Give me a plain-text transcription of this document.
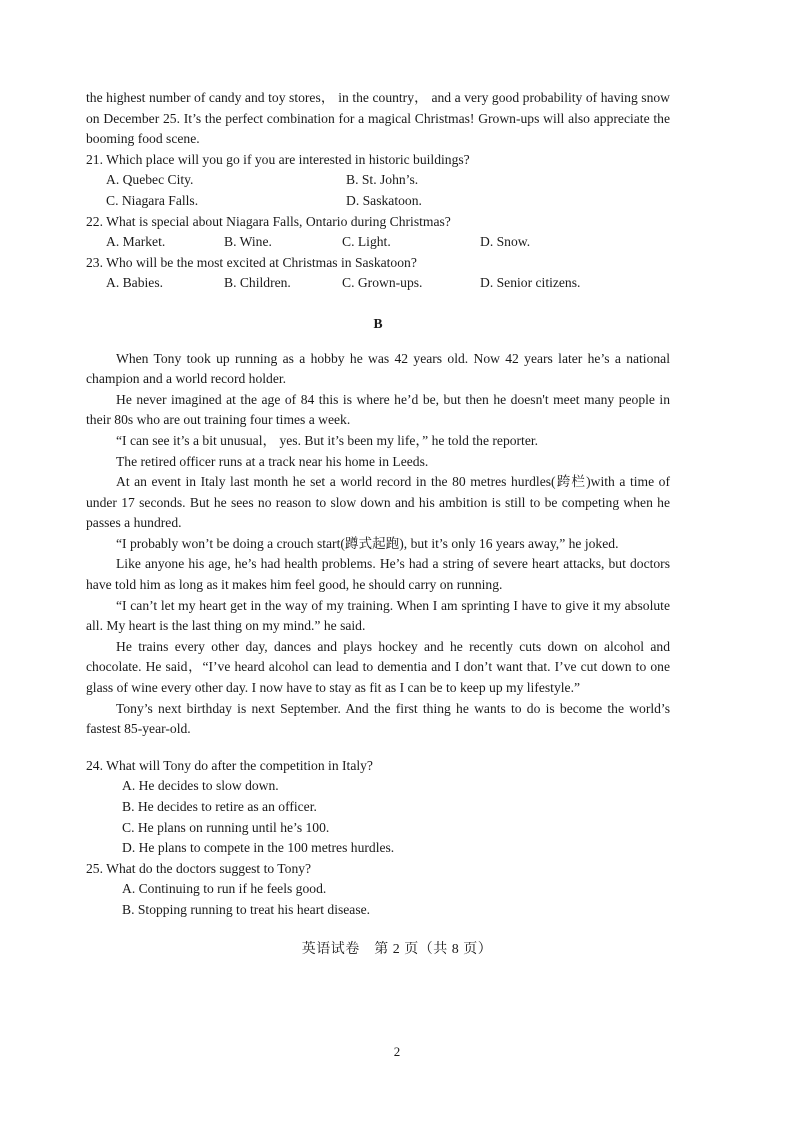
the highest number of candy and toy stores， in the country， and a very good probability of having snow on December 25. It’s the perfect combination for a magical Christmas! Grown-ups will also appreciate the booming food scene.

21. Which place will you go if you are interested in historic buildings?

A. Quebec City.	B. St. John’s.
C. Niagara Falls.	D. Saskatoon.

22. What is special about Niagara Falls, Ontario during Christmas?

A. Market.	B. Wine.	C. Light.	D. Snow.

23. Who will be the most excited at Christmas in Saskatoon?

A. Babies.	B. Children.	C. Grown-ups.	D. Senior citizens.

B

When Tony took up running as a hobby he was 42 years old. Now 42 years later he’s a national champion and a world record holder.

He never imagined at the age of 84 this is where he’d be, but then he doesn't meet many people in their 80s who are out training four times a week.

“I can see it’s a bit unusual， yes. But it’s been my life，” he told the reporter.

The retired officer runs at a track near his home in Leeds.

At an event in Italy last month he set a world record in the 80 metres hurdles(跨栏)with a time of under 17 seconds. But he sees no reason to slow down and his ambition is still to be competing when he passes a hundred.

“I probably won’t be doing a crouch start(蹲式起跑), but it’s only 16 years away,” he joked.

Like anyone his age, he’s had health problems. He’s had a string of severe heart attacks, but doctors have told him as long as it makes him feel good, he should carry on running.

“I can’t let my heart get in the way of my training. When I am sprinting I have to give it my absolute all. My heart is the last thing on my mind.” he said.

He trains every other day, dances and plays hockey and he recently cuts down on alcohol and chocolate. He said，“I’ve heard alcohol can lead to dementia and I don’t want that. I’ve cut down to one glass of wine every other day. I now have to stay as fit as I can be to keep up my lifestyle.”

Tony’s next birthday is next September. And the first thing he wants to do is become the world’s fastest 85-year-old.

24. What will Tony do after the competition in Italy?

A. He decides to slow down.

B. He decides to retire as an officer.

C. He plans on running until he’s 100.

D. He plans to compete in the 100 metres hurdles.

25. What do the doctors suggest to Tony?

A. Continuing to run if he feels good.

B. Stopping running to treat his heart disease.

英语试卷　第 2 页（共 8 页）
2
